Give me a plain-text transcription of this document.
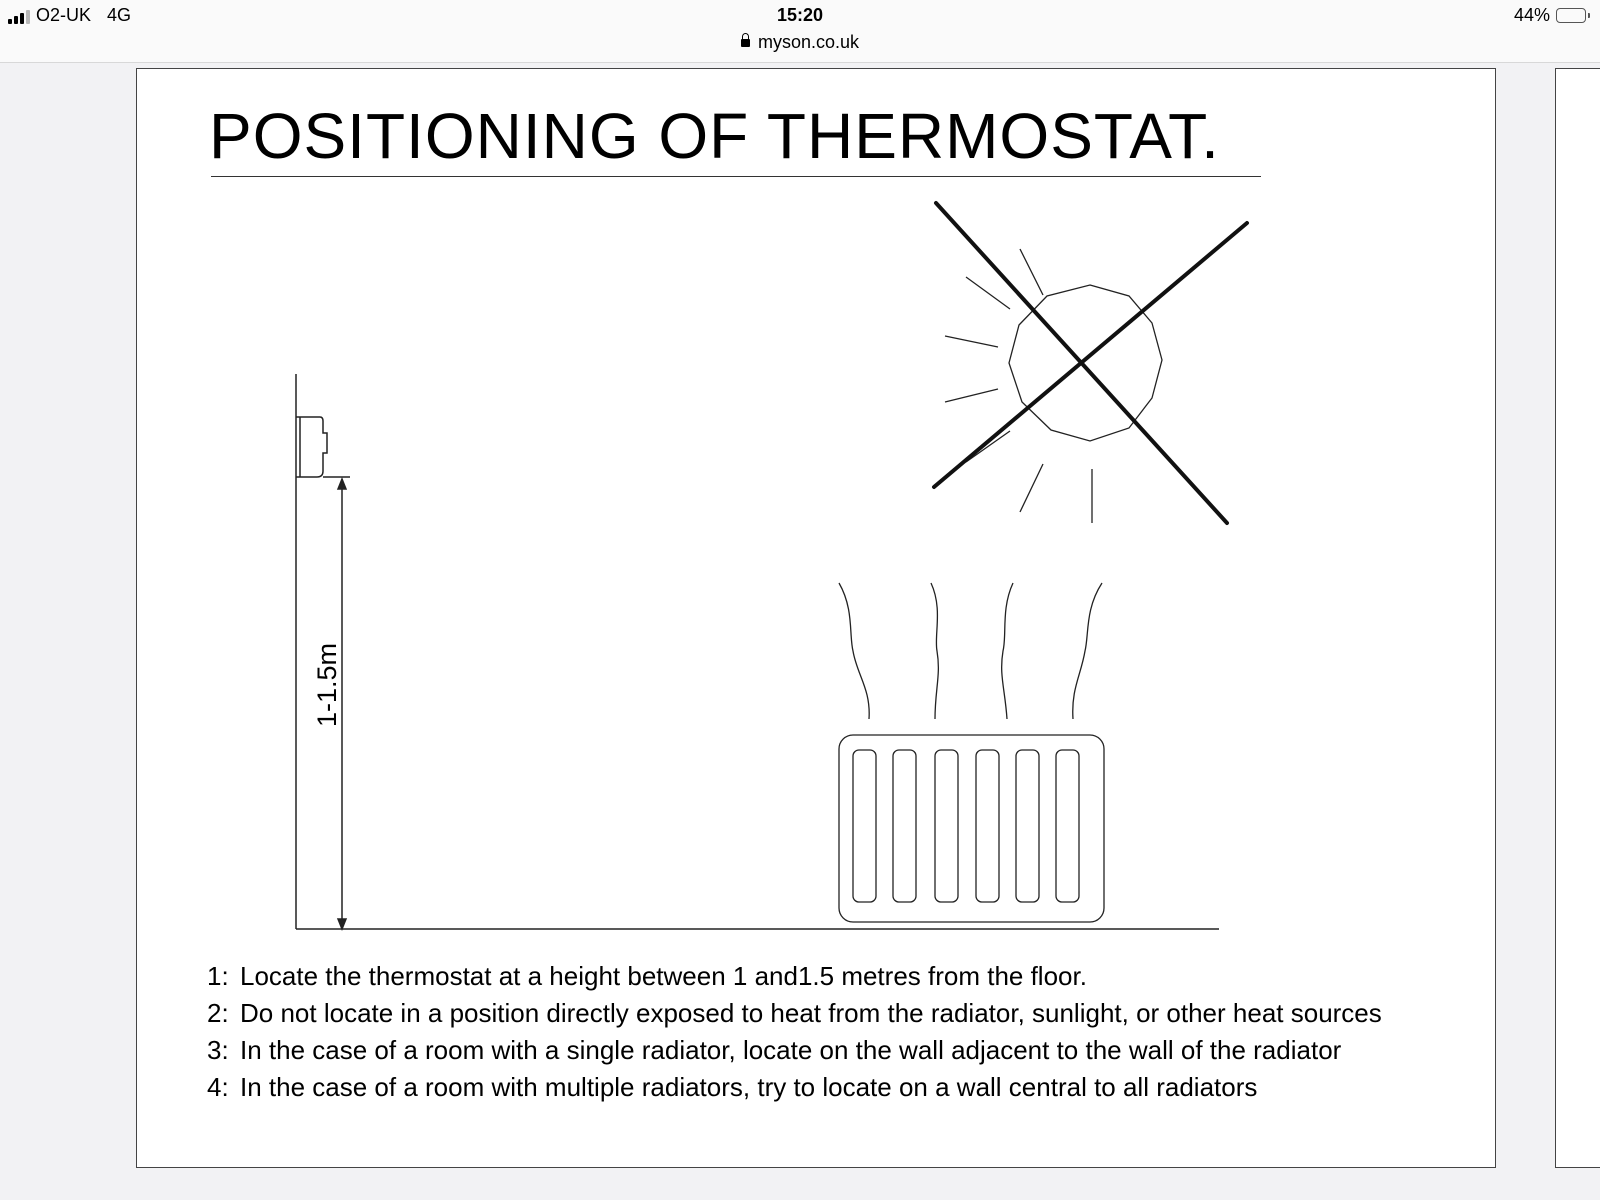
O2-UK 4G	15:20
myson.co.uk
44%
POSITIONING OF THERMOSTAT.
1-1.5m
1: Locate the thermostat at a height between 1 and1.5 metres from the floor.
2: Do not locate in a position directly exposed to heat from the radiator, sunlight, or other heat sources
3: In the case of a room with a single radiator, locate on the wall adjacent to the wall of the radiator
4: In the case of a room with multiple radiators, try to locate on a wall central to all radiators
